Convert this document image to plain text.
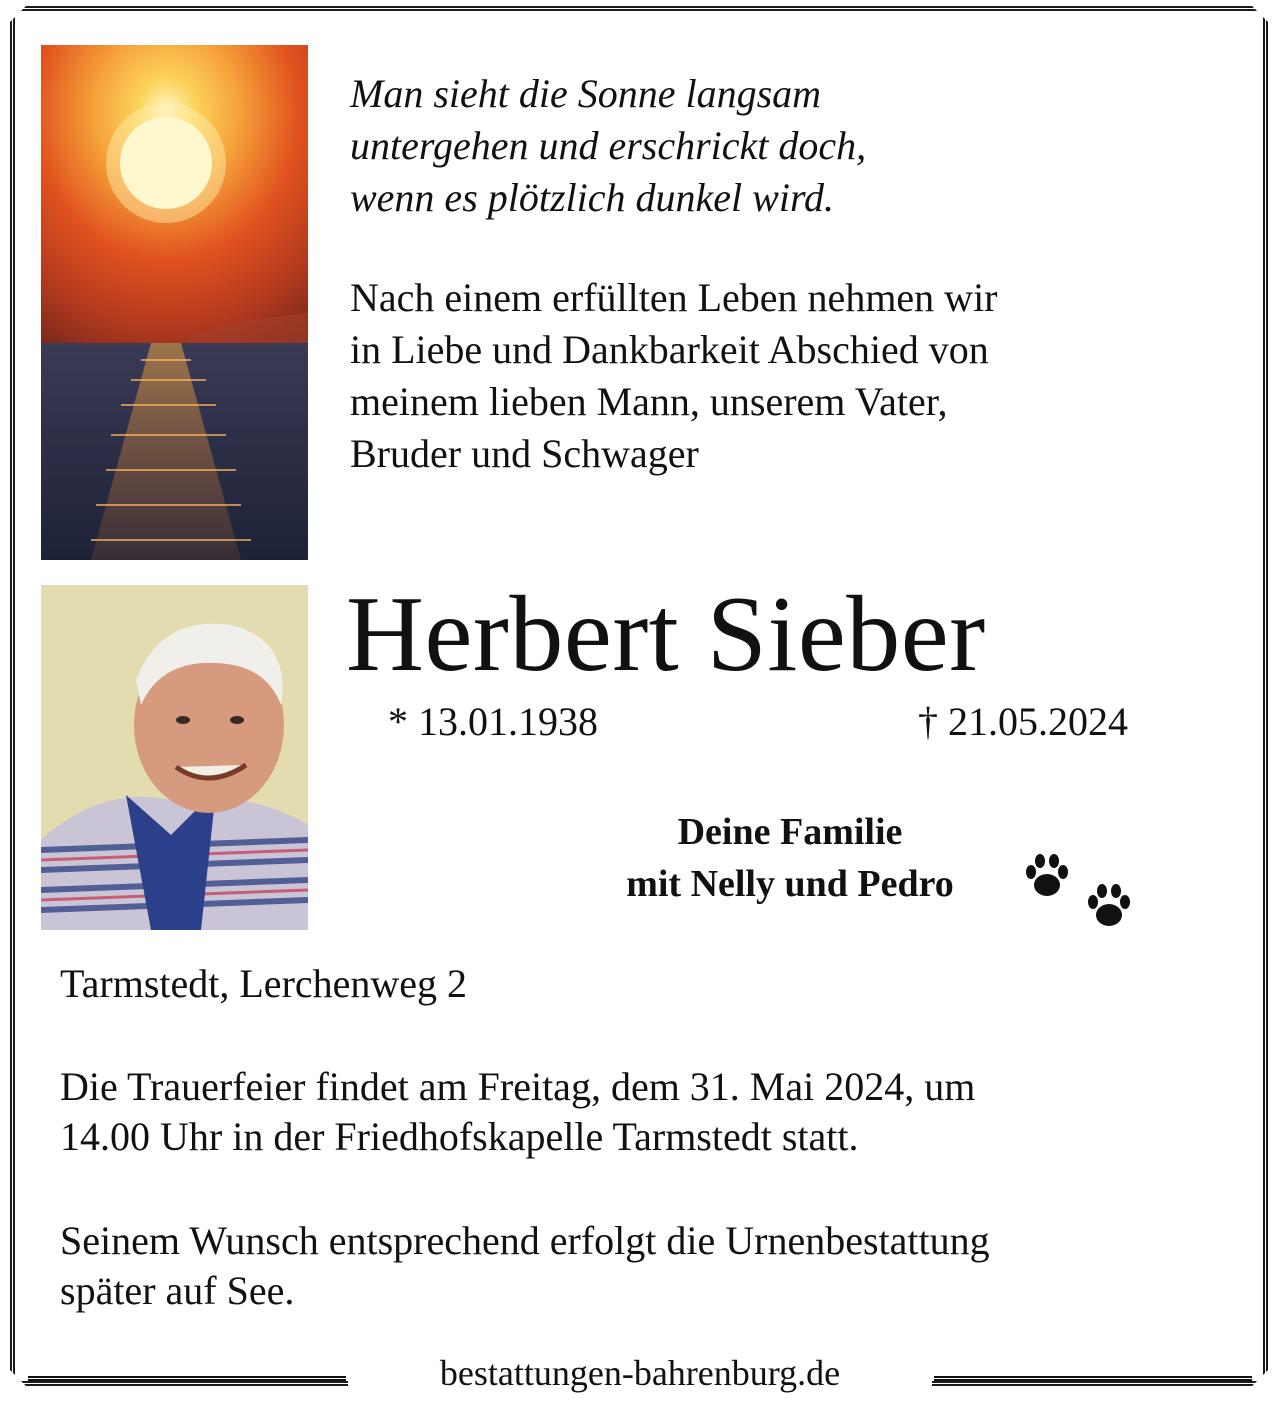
Man sieht die Sonne langsam
untergehen und erschrickt doch,
wenn es plötzlich dunkel wird.
Nach einem erfüllten Leben nehmen wir
in Liebe und Dankbarkeit Abschied von
meinem lieben Mann, unserem Vater,
Bruder und Schwager
Herbert Sieber
* 13.01.1938	† 21.05.2024
Deine Familie
mit Nelly und Pedro
Tarmstedt, Lerchenweg 2
Die Trauerfeier findet am Freitag, dem 31. Mai 2024, um
14.00 Uhr in der Friedhofskapelle Tarmstedt statt.
Seinem Wunsch entsprechend erfolgt die Urnenbestattung
später auf See.
bestattungen-bahrenburg.de
